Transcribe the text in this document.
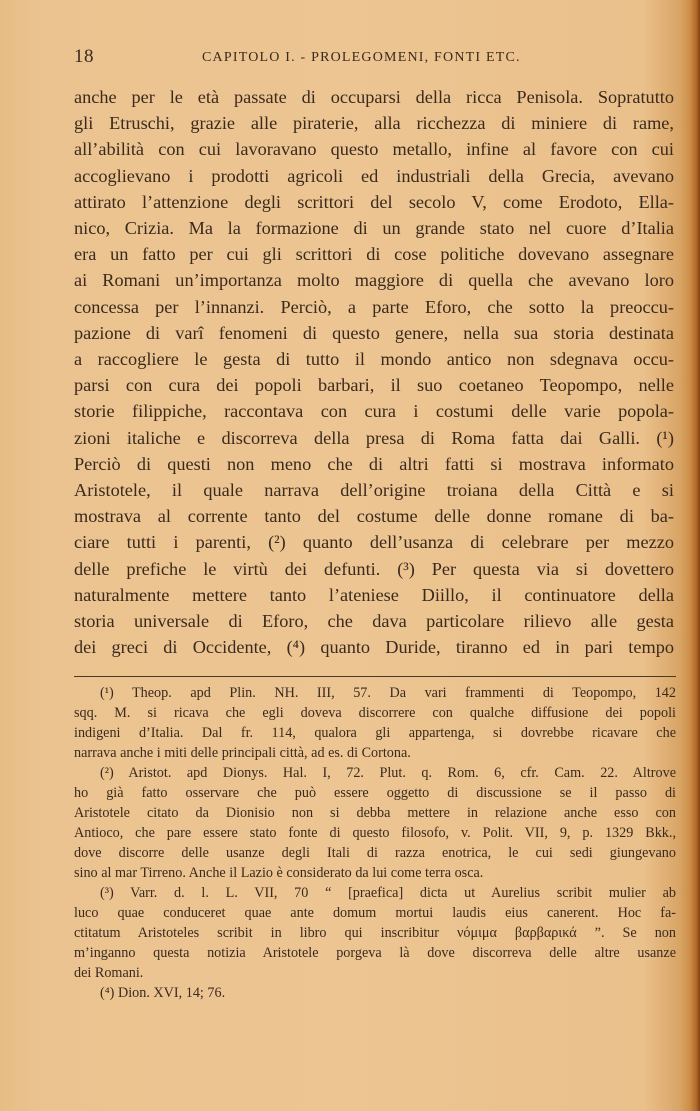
18	CAPITOLO I. - PROLEGOMENI, FONTI ETC.
anche per le età passate di occuparsi della ricca Penisola. Sopratutto
gli Etruschi, grazie alle piraterie, alla ricchezza di miniere di rame,
all’abilità con cui lavoravano questo metallo, infine al favore con cui
accoglievano i prodotti agricoli ed industriali della Grecia, avevano
attirato l’attenzione degli scrittori del secolo V, come Erodoto, Ella-
nico, Crizia. Ma la formazione di un grande stato nel cuore d’Italia
era un fatto per cui gli scrittori di cose politiche dovevano assegnare
ai Romani un’importanza molto maggiore di quella che avevano loro
concessa per l’innanzi. Perciò, a parte Eforo, che sotto la preoccu-
pazione di varî fenomeni di questo genere, nella sua storia destinata
a raccogliere le gesta di tutto il mondo antico non sdegnava occu-
parsi con cura dei popoli barbari, il suo coetaneo Teopompo, nelle
storie filippiche, raccontava con cura i costumi delle varie popola-
zioni italiche e discorreva della presa di Roma fatta dai Galli. (¹)
Perciò di questi non meno che di altri fatti si mostrava informato
Aristotele, il quale narrava dell’origine troiana della Città e si
mostrava al corrente tanto del costume delle donne romane di ba-
ciare tutti i parenti, (²) quanto dell’usanza di celebrare per mezzo
delle prefiche le virtù dei defunti. (³) Per questa via si dovettero
naturalmente mettere tanto l’ateniese Diillo, il continuatore della
storia universale di Eforo, che dava particolare rilievo alle gesta
dei greci di Occidente, (⁴) quanto Duride, tiranno ed in pari tempo
(¹) Theop. apd Plin. NH. III, 57. Da vari frammenti di Teopompo, 142
sqq. M. si ricava che egli doveva discorrere con qualche diffusione dei popoli
indigeni d’Italia. Dal fr. 114, qualora gli appartenga, si dovrebbe ricavare che
narrava anche i miti delle principali città, ad es. di Cortona.
(²) Aristot. apd Dionys. Hal. I, 72. Plut. q. Rom. 6, cfr. Cam. 22. Altrove
ho già fatto osservare che può essere oggetto di discussione se il passo di
Aristotele citato da Dionisio non si debba mettere in relazione anche esso con
Antioco, che pare essere stato fonte di questo filosofo, v. Polit. VII, 9, p. 1329 Bkk.,
dove discorre delle usanze degli Itali di razza enotrica, le cui sedi giungevano
sino al mar Tirreno. Anche il Lazio è considerato da lui come terra osca.
(³) Varr. d. l. L. VII, 70 “ [praefica] dicta ut Aurelius scribit mulier ab
luco quae conduceret quae ante domum mortui laudis eius canerent. Hoc fa-
ctitatum Aristoteles scribit in libro qui inscribitur νόμιμα βαρβαρικά ”. Se non
m’inganno questa notizia Aristotele porgeva là dove discorreva delle altre usanze
dei Romani.
(⁴) Dion. XVI, 14; 76.
